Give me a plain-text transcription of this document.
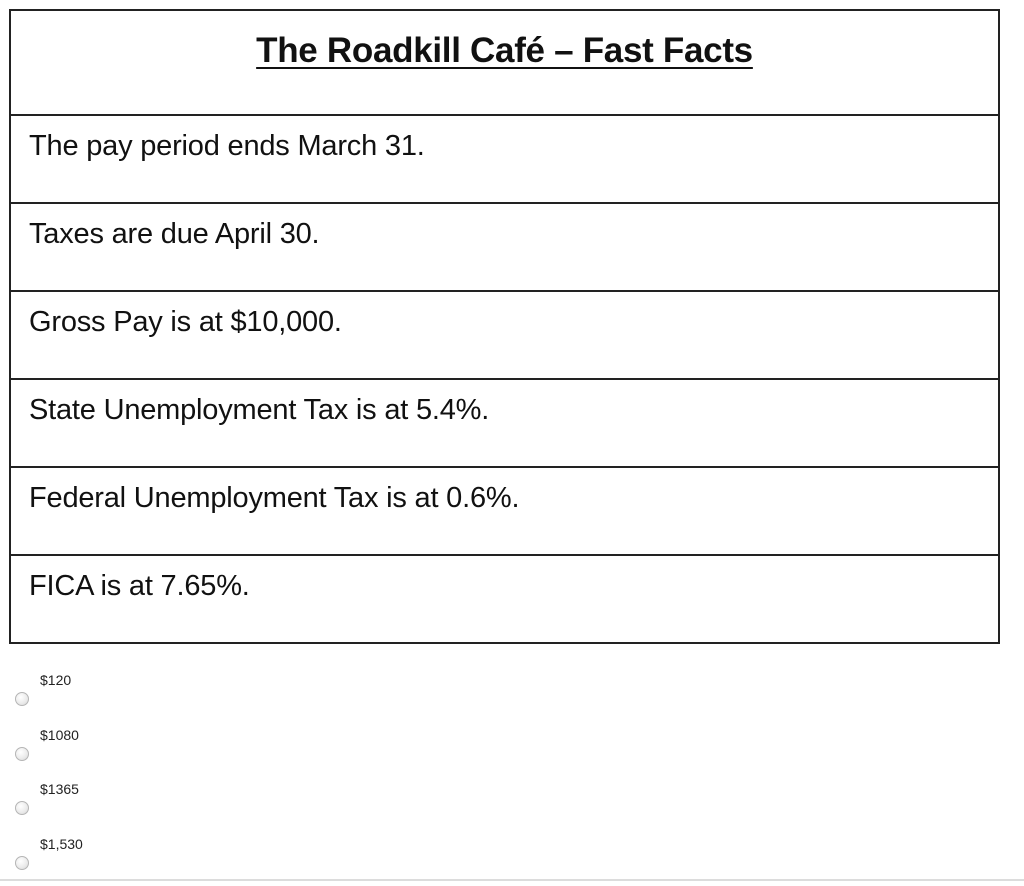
The Roadkill Café – Fast Facts

The pay period ends March 31.

Taxes are due April 30.

Gross Pay is at $10,000.

State Unemployment Tax is at 5.4%.

Federal Unemployment Tax is at 0.6%.

FICA is at 7.65%.
$120
$1080
$1365
$1,530
